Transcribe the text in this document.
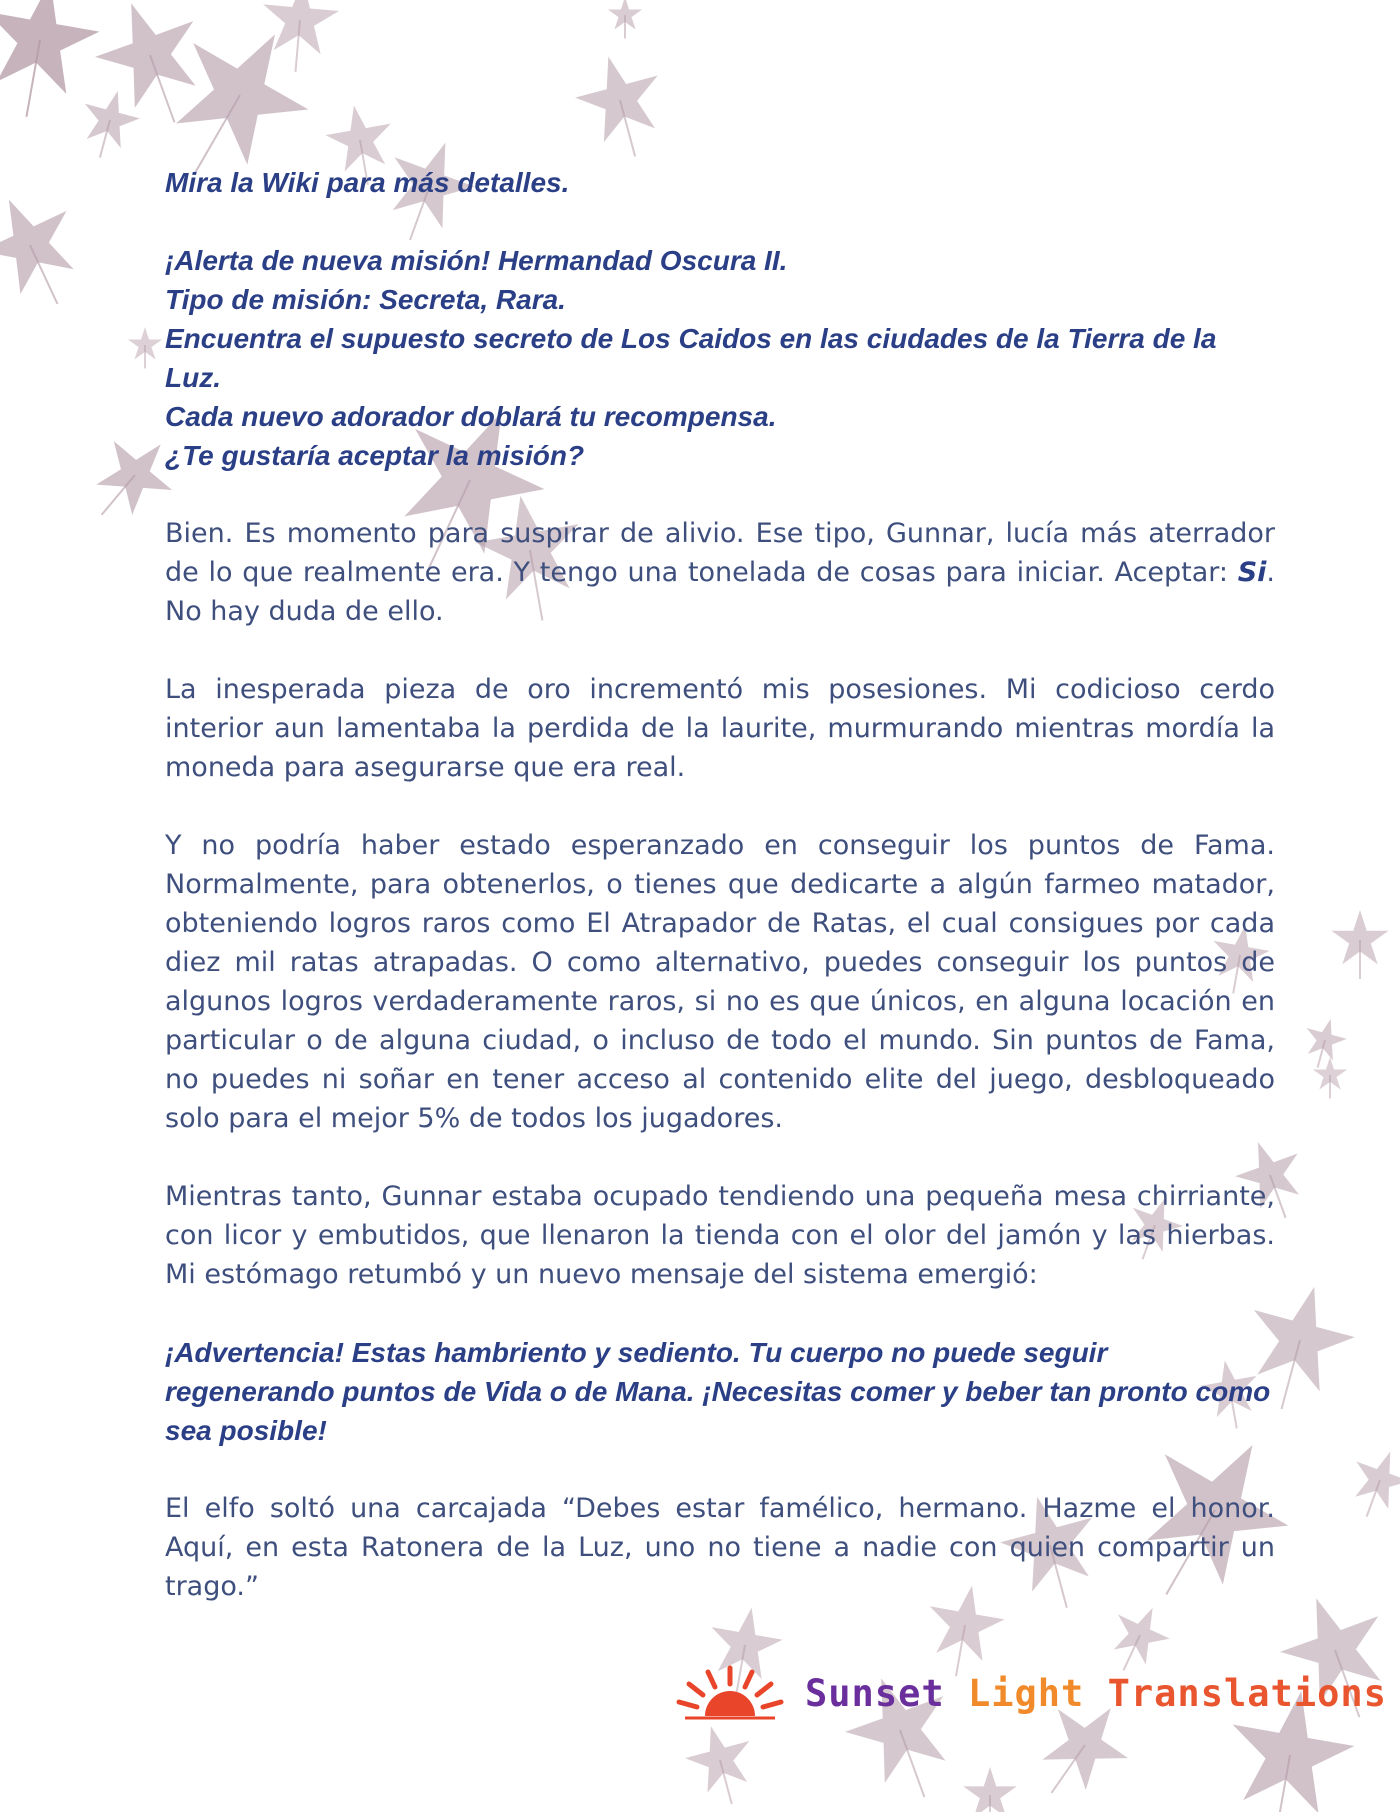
Mira la Wiki para más detalles.

¡Alerta de nueva misión! Hermandad Oscura II.
Tipo de misión: Secreta, Rara.
Encuentra el supuesto secreto de Los Caidos en las ciudades de la Tierra de la Luz.
Cada nuevo adorador doblará tu recompensa.
¿Te gustaría aceptar la misión?

Bien. Es momento para suspirar de alivio. Ese tipo, Gunnar, lucía más aterrador de lo que realmente era. Y tengo una tonelada de cosas para iniciar. Aceptar: Si. No hay duda de ello.

La inesperada pieza de oro incrementó mis posesiones. Mi codicioso cerdo interior aun lamentaba la perdida de la laurite, murmurando mientras mordía la moneda para asegurarse que era real.

Y no podría haber estado esperanzado en conseguir los puntos de Fama. Normalmente, para obtenerlos, o tienes que dedicarte a algún farmeo matador, obteniendo logros raros como El Atrapador de Ratas, el cual consigues por cada diez mil ratas atrapadas. O como alternativo, puedes conseguir los puntos de algunos logros verdaderamente raros, si no es que únicos, en alguna locación en particular o de alguna ciudad, o incluso de todo el mundo. Sin puntos de Fama, no puedes ni soñar en tener acceso al contenido elite del juego, desbloqueado solo para el mejor 5% de todos los jugadores.

Mientras tanto, Gunnar estaba ocupado tendiendo una pequeña mesa chirriante, con licor y embutidos, que llenaron la tienda con el olor del jamón y las hierbas. Mi estómago retumbó y un nuevo mensaje del sistema emergió:

¡Advertencia! Estas hambriento y sediento. Tu cuerpo no puede seguir regenerando puntos de Vida o de Mana. ¡Necesitas comer y beber tan pronto como sea posible!

El elfo soltó una carcajada “Debes estar famélico, hermano. Hazme el honor. Aquí, en esta Ratonera de la Luz, uno no tiene a nadie con quien compartir un trago.”

Sunset Light Translations
